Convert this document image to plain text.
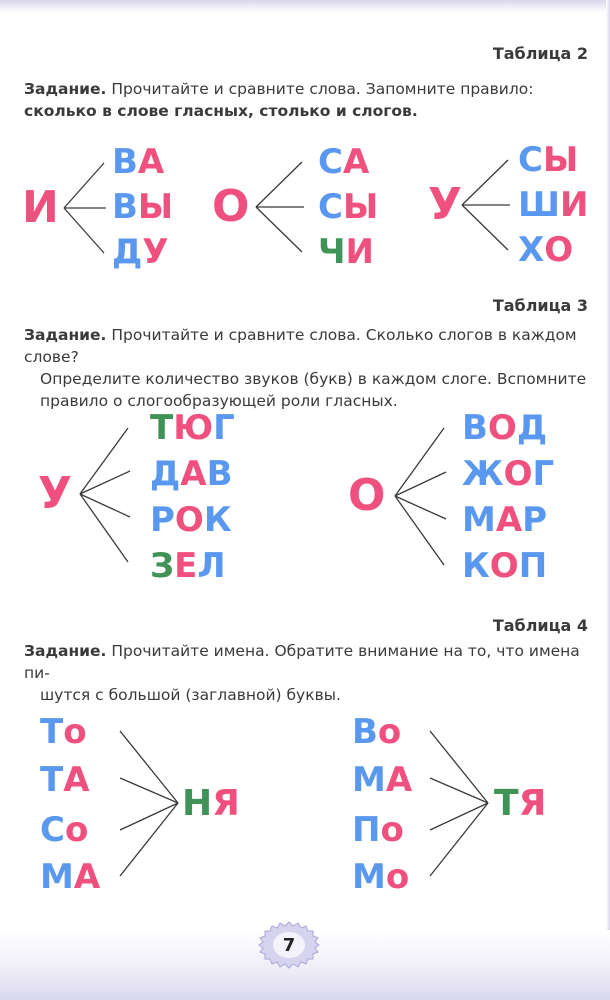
Таблица 2
Задание. Прочитайте и сравните слова. Запомните правило: сколько в слове гласных, столько и слогов.
И
ВА
ВЫ
ДУ
О
СА
СЫ
ЧИ
У
СЫ
ШИ
ХО
Таблица 3
Задание. Прочитайте и сравните слова. Сколько слогов в каждом слове?
Определите количество звуков (букв) в каждом слоге. Вспомните
правило о слогообразующей роли гласных.
У
ТЮГ
ДАВ
РОК
ЗЕЛ
О
ВОД
ЖОГ
МАР
КОП
Таблица 4
Задание. Прочитайте имена. Обратите внимание на то, что имена пи-
шутся с большой (заглавной) буквы.
То
ТА
Со
МА
НЯ
Во
МА
По
Мо
ТЯ
7
